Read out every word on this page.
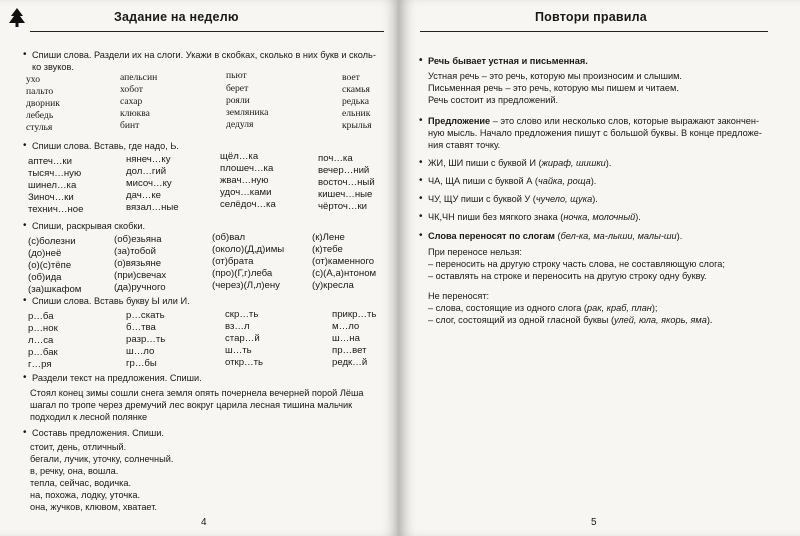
Задание на неделю
• Спиши слова. Раздели их на слоги. Укажи в скобках, сколько в них букв и сколь-
ко звуков.
ухо
пальто
дворник
лебедь
стулья
апельсин
хобот
сахар
клюква
бинт
пьют
берет
рояли
земляника
дедуля
воет
скамья
редька
ельник
крылья
• Спиши слова. Вставь, где надо, Ь.
аптеч…ки
тысяч…ную
шинел…ка
Зиноч…ки
технич…ное
нянеч…ку
дол…гий
мисоч…ку
дач…ке
вязал…ные
щёл…ка
плошеч…ка
жвач…ную
удоч…ками
селёдоч…ка
поч…ка
вечер…ний
восточ…ный
кишеч…ные
чёрточ…ки
• Спиши, раскрывая скобки.
(с)болезни
(до)неё
(о)(с)тёпе
(об)ида
(за)шкафом
(об)езьяна
(за)тобой
(о)вязьяне
(при)свечах
(да)ручного
(об)вал
(около)(Д,д)имы
(от)брата
(про)(Г,г)леба
(через)(Л,л)ену
(к)Лене
(к)тебе
(от)каменного
(с)(А,а)нтоном
(у)кресла
• Спиши слова. Вставь букву Ы или И.
р…ба
р…нок
л…са
р…бак
г…ря
р…скать
б…тва
разр…ть
ш…ло
гр…бы
скр…ть
вз…л
стар…й
ш…ть
откр…ть
прикр…ть
м…ло
ш…на
пр…вет
редк…й
• Раздели текст на предложения. Спиши.
Стоял конец зимы сошли снега земля опять почернела вечерней порой Лёша
шагал по тропе через дремучий лес вокруг царила лесная тишина мальчик
подходил к лесной полянке
• Составь предложения. Спиши.
стоит, день, отличный.
бегали, лучик, уточку, солнечный.
в, речку, она, вошла.
тепла, сейчас, водичка.
на, похожа, лодку, уточка.
она, жучков, клювом, хватает.
4
Повтори правила
• Речь бывает устная и письменная.
Устная речь – это речь, которую мы произносим и слышим.
Письменная речь – это речь, которую мы пишем и читаем.
Речь состоит из предложений.
• Предложение – это слово или несколько слов, которые выражают закончен-
ную мысль. Начало предложения пишут с большой буквы. В конце предложе-
ния ставят точку.
• ЖИ, ШИ пиши с буквой И (жираф, шишки).
• ЧА, ЩА пиши с буквой А (чайка, роща).
• ЧУ, ЩУ пиши с буквой У (чучело, щука).
• ЧК,ЧН пиши без мягкого знака (ночка, молочный).
• Слова переносят по слогам (бел-ка, ма-лыши, малы-ши).
При переносе нельзя:
– переносить на другую строку часть слова, не составляющую слога;
– оставлять на строке и переносить на другую строку одну букву.
Не переносят:
– слова, состоящие из одного слога (рак, краб, план);
– слог, состоящий из одной гласной буквы (улей, юла, якорь, яма).
5
